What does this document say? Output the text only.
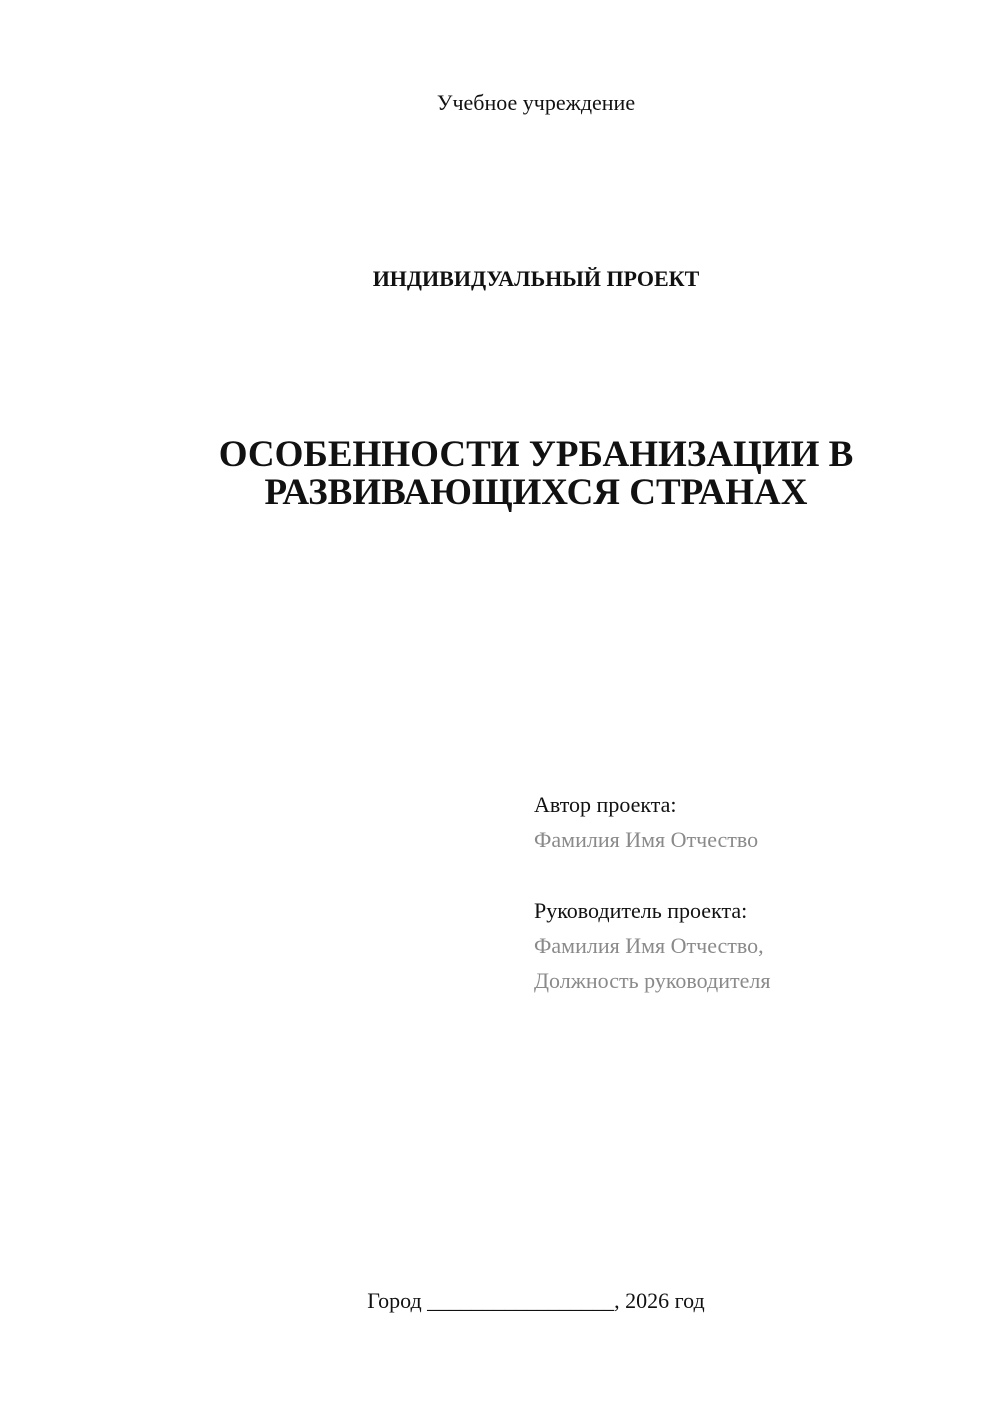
Учебное учреждение
ИНДИВИДУАЛЬНЫЙ ПРОЕКТ
ОСОБЕННОСТИ УРБАНИЗАЦИИ В
РАЗВИВАЮЩИХСЯ СТРАНАХ
Автор проекта:
Фамилия Имя Отчество
Руководитель проекта:
Фамилия Имя Отчество,
Должность руководителя
Город _________________, 2026 год
